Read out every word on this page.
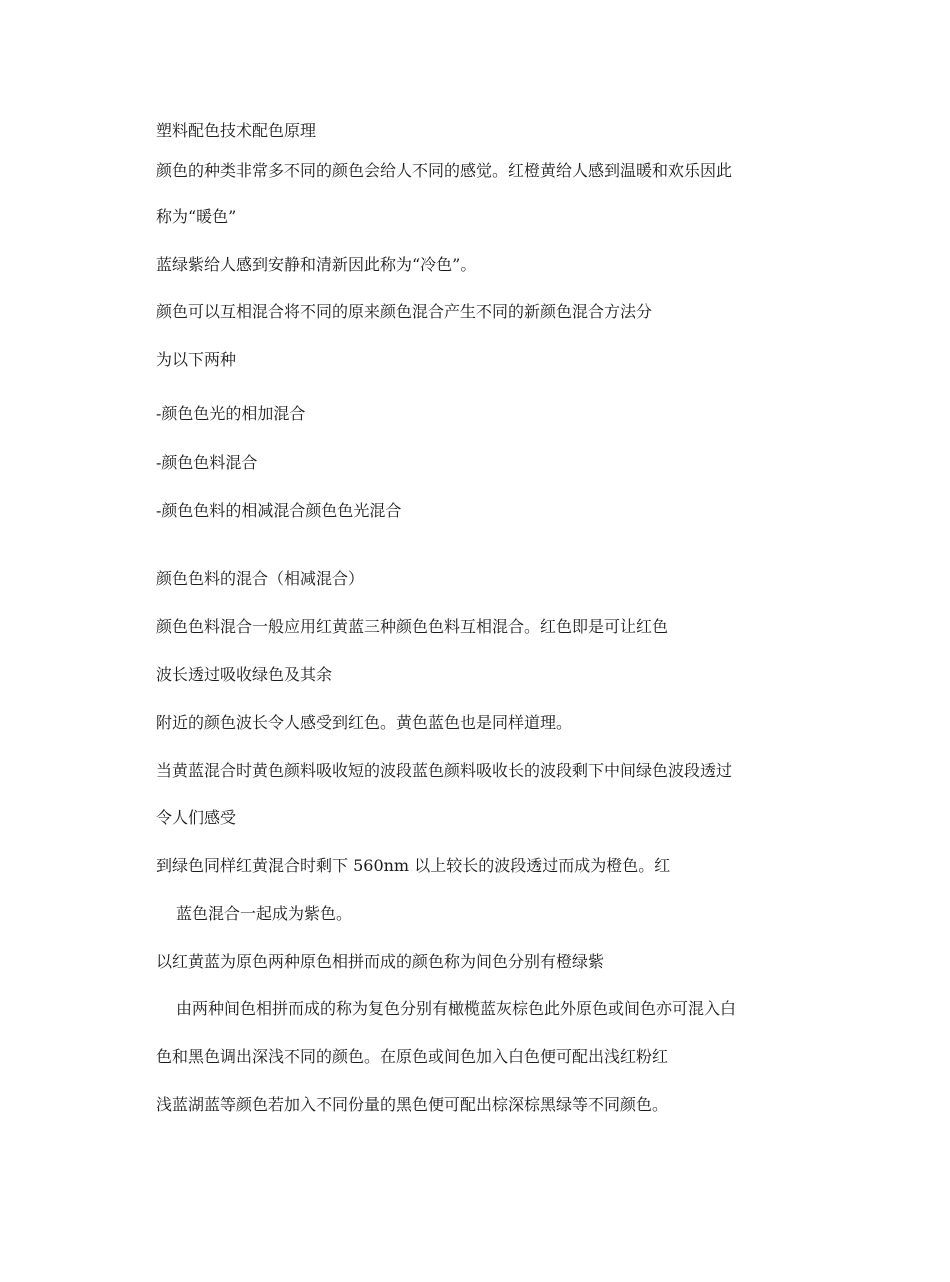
塑料配色技术配色原理
颜色的种类非常多不同的颜色会给人不同的感觉。红橙黄给人感到温暖和欢乐因此
称为“暖色”
蓝绿紫给人感到安静和清新因此称为“冷色”。
颜色可以互相混合将不同的原来颜色混合产生不同的新颜色混合方法分
为以下两种
-颜色色光的相加混合
-颜色色料混合
-颜色色料的相减混合颜色色光混合
颜色色料的混合（相减混合）
颜色色料混合一般应用红黄蓝三种颜色色料互相混合。红色即是可让红色
波长透过吸收绿色及其余
附近的颜色波长令人感受到红色。黄色蓝色也是同样道理。
当黄蓝混合时黄色颜料吸收短的波段蓝色颜料吸收长的波段剩下中间绿色波段透过
令人们感受
到绿色同样红黄混合时剩下 560nm 以上较长的波段透过而成为橙色。红
蓝色混合一起成为紫色。
以红黄蓝为原色两种原色相拼而成的颜色称为间色分别有橙绿紫
由两种间色相拼而成的称为复色分别有橄榄蓝灰棕色此外原色或间色亦可混入白
色和黑色调出深浅不同的颜色。在原色或间色加入白色便可配出浅红粉红
浅蓝湖蓝等颜色若加入不同份量的黑色便可配出棕深棕黑绿等不同颜色。
